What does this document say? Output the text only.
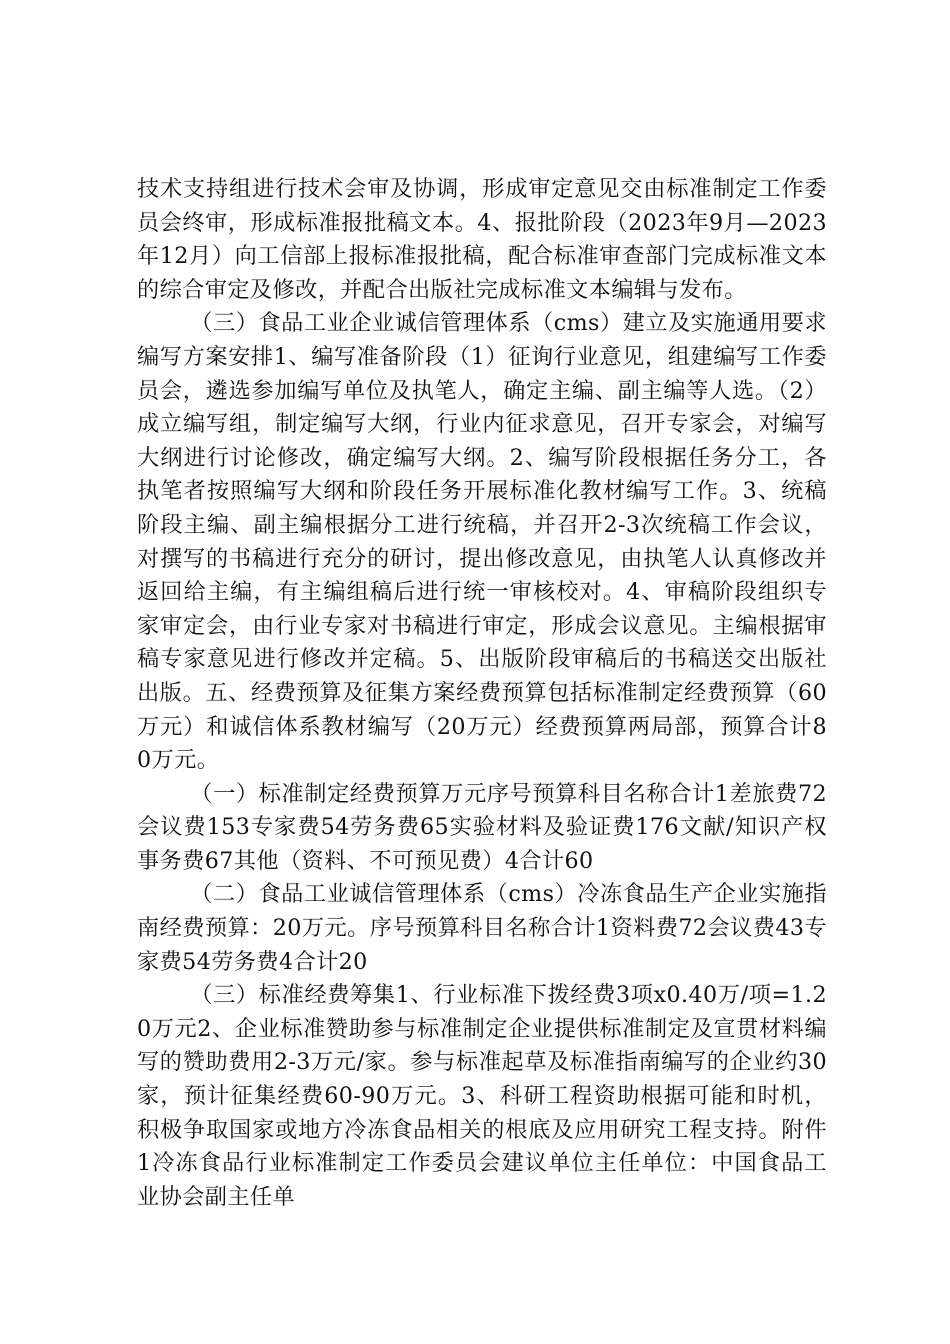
技术支持组进行技术会审及协调，形成审定意见交由标准制定工作委员会终审，形成标准报批稿文本。4、报批阶段（2023年9月—2023年12月）向工信部上报标准报批稿，配合标准审查部门完成标准文本的综合审定及修改，并配合出版社完成标准文本编辑与发布。

（三）食品工业企业诚信管理体系（cms）建立及实施通用要求编写方案安排1、编写准备阶段（1）征询行业意见，组建编写工作委员会，遴选参加编写单位及执笔人，确定主编、副主编等人选。（2）成立编写组，制定编写大纲，行业内征求意见，召开专家会，对编写大纲进行讨论修改，确定编写大纲。2、编写阶段根据任务分工，各执笔者按照编写大纲和阶段任务开展标准化教材编写工作。3、统稿阶段主编、副主编根据分工进行统稿，并召开2-3次统稿工作会议，对撰写的书稿进行充分的研讨，提出修改意见，由执笔人认真修改并返回给主编，有主编组稿后进行统一审核校对。4、审稿阶段组织专家审定会，由行业专家对书稿进行审定，形成会议意见。主编根据审稿专家意见进行修改并定稿。5、出版阶段审稿后的书稿送交出版社出版。五、经费预算及征集方案经费预算包括标准制定经费预算（60万元）和诚信体系教材编写（20万元）经费预算两局部，预算合计80万元。

（一）标准制定经费预算万元序号预算科目名称合计1差旅费72会议费153专家费54劳务费65实验材料及验证费176文献/知识产权事务费67其他（资料、不可预见费）4合计60

（二）食品工业诚信管理体系（cms）冷冻食品生产企业实施指南经费预算：20万元。序号预算科目名称合计1资料费72会议费43专家费54劳务费4合计20

（三）标准经费筹集1、行业标准下拨经费3项x0.40万/项=1.20万元2、企业标准赞助参与标准制定企业提供标准制定及宣贯材料编写的赞助费用2-3万元/家。参与标准起草及标准指南编写的企业约30家，预计征集经费60-90万元。3、科研工程资助根据可能和时机，积极争取国家或地方冷冻食品相关的根底及应用研究工程支持。附件1冷冻食品行业标准制定工作委员会建议单位主任单位：中国食品工业协会副主任单
